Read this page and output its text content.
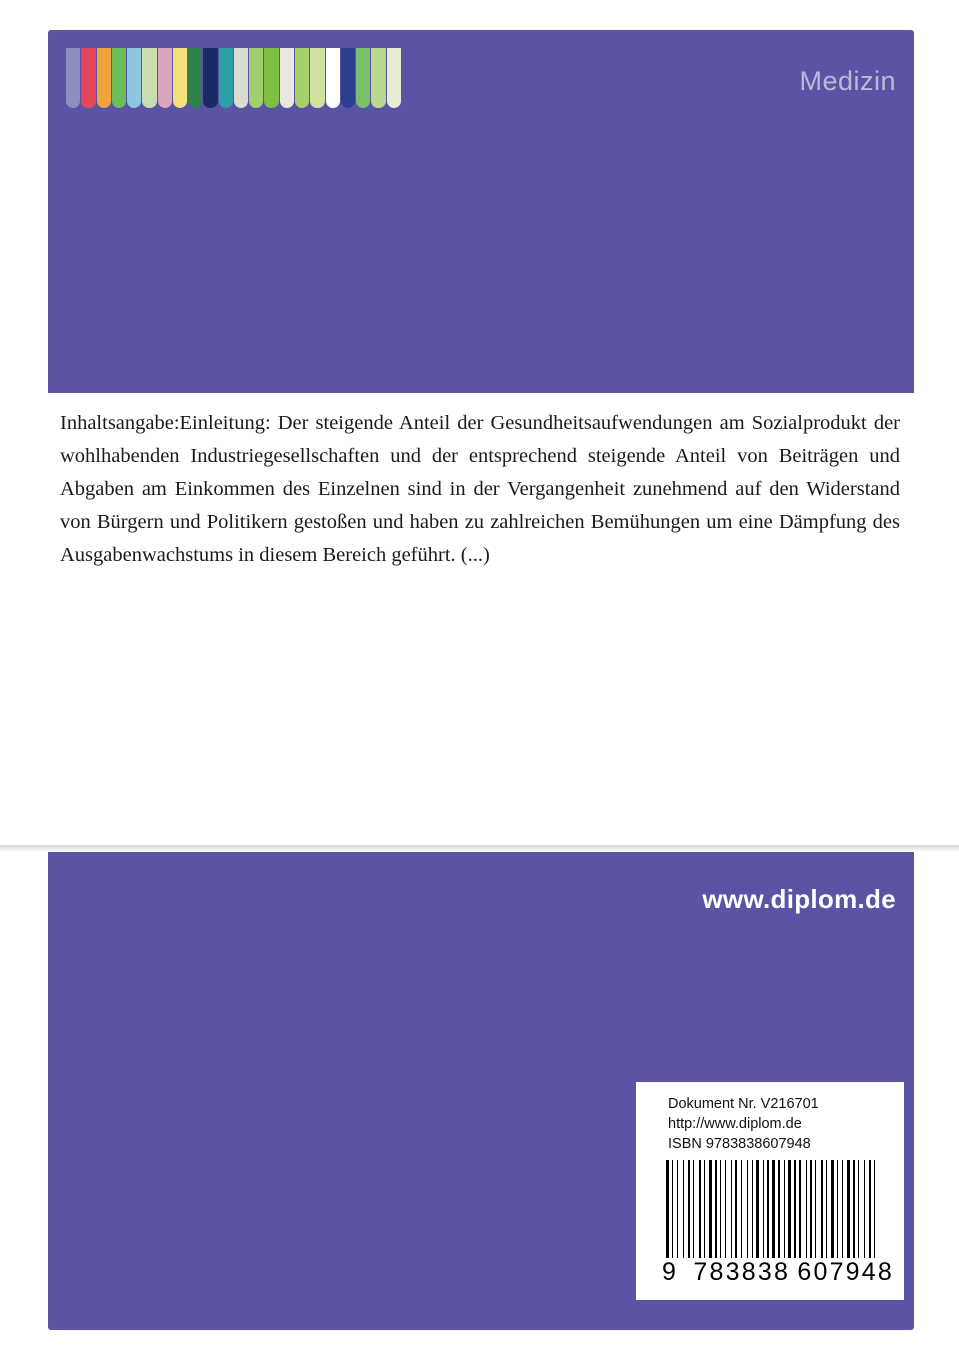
Medizin
Inhaltsangabe:Einleitung: Der steigende Anteil der Gesundheitsaufwendungen am Sozialprodukt der wohlhabenden Industriegesellschaften und der entsprechend steigende Anteil von Beiträgen und Abgaben am Einkommen des Einzelnen sind in der Vergangenheit zunehmend auf den Widerstand von Bürgern und Politikern gestoßen und haben zu zahlreichen Bemühungen um eine Dämpfung des Ausgabenwachstums in diesem Bereich geführt. (...)
www.diplom.de
Dokument Nr. V216701
http://www.diplom.de
ISBN 9783838607948
9 783838 607948
